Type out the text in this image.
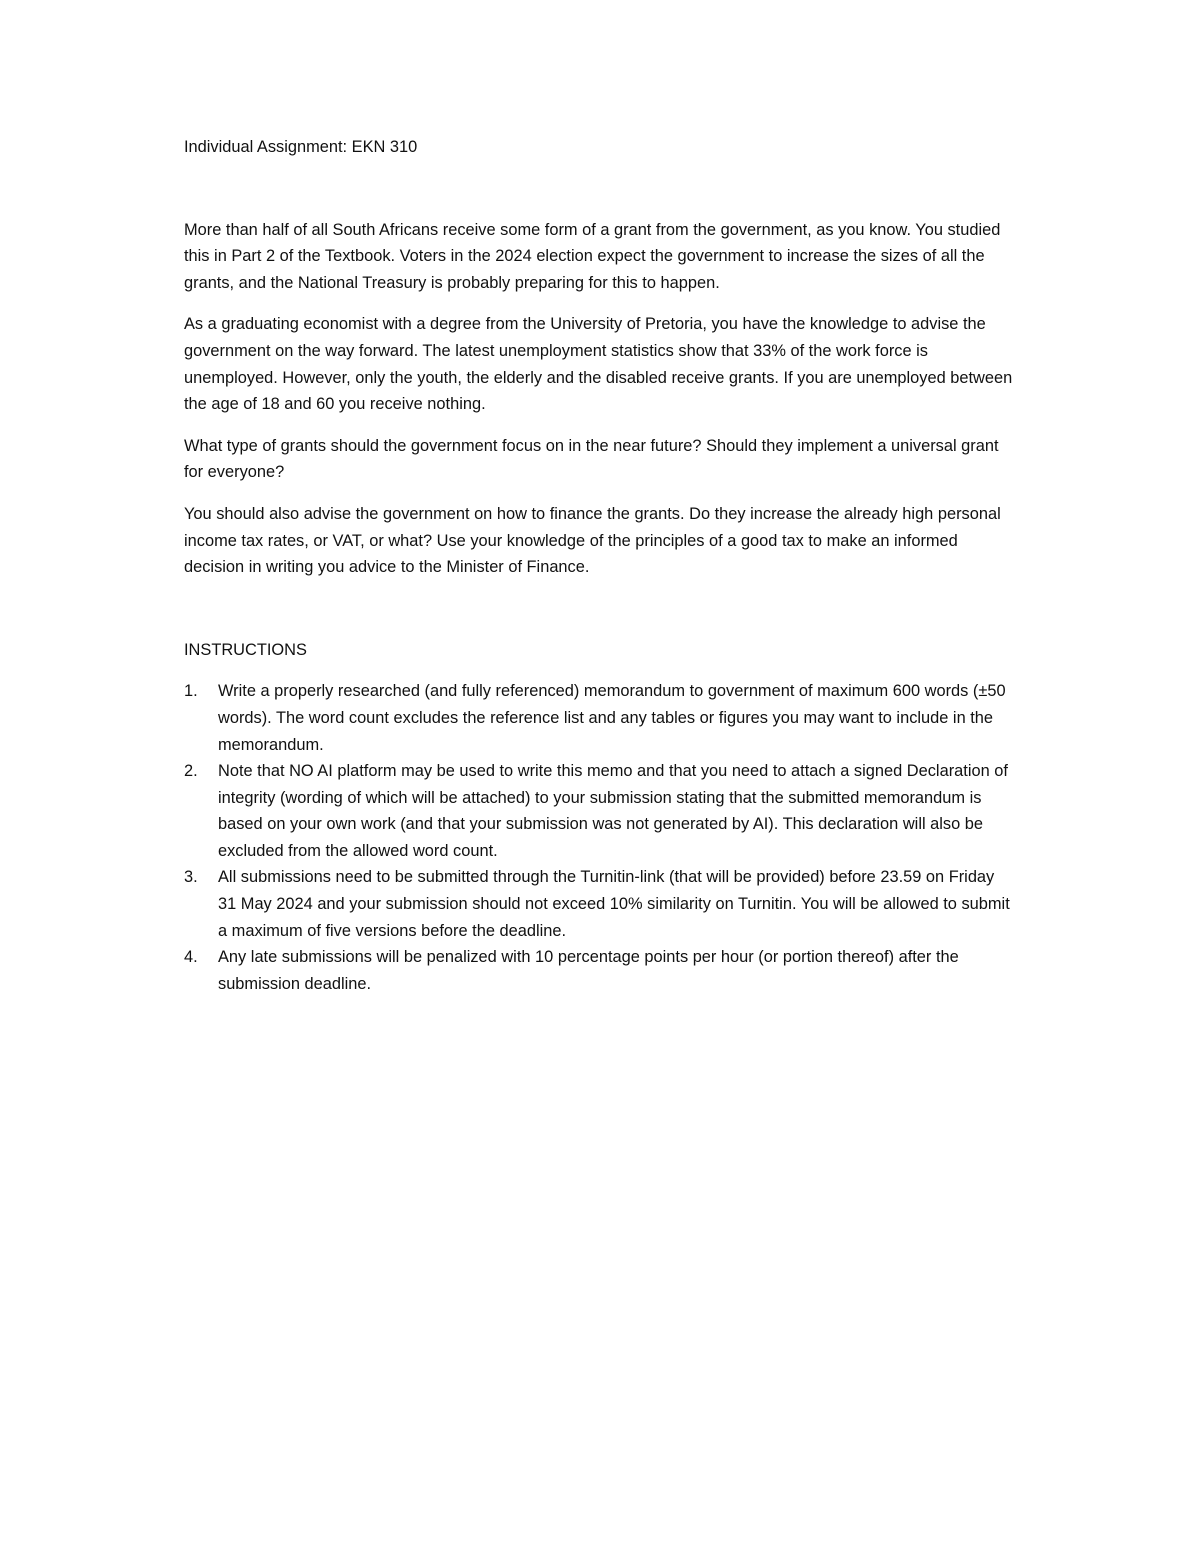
Individual Assignment: EKN 310

More than half of all South Africans receive some form of a grant from the government, as you know. You studied this in Part 2 of the Textbook. Voters in the 2024 election expect the government to increase the sizes of all the grants, and the National Treasury is probably preparing for this to happen.

As a graduating economist with a degree from the University of Pretoria, you have the knowledge to advise the government on the way forward. The latest unemployment statistics show that 33% of the work force is unemployed. However, only the youth, the elderly and the disabled receive grants. If you are unemployed between the age of 18 and 60 you receive nothing.

What type of grants should the government focus on in the near future? Should they implement a universal grant for everyone?

You should also advise the government on how to finance the grants. Do they increase the already high personal income tax rates, or VAT, or what? Use your knowledge of the principles of a good tax to make an informed decision in writing you advice to the Minister of Finance.

INSTRUCTIONS
1. Write a properly researched (and fully referenced) memorandum to government of maximum 600 words (±50 words). The word count excludes the reference list and any tables or figures you may want to include in the memorandum.
2. Note that NO AI platform may be used to write this memo and that you need to attach a signed Declaration of integrity (wording of which will be attached) to your submission stating that the submitted memorandum is based on your own work (and that your submission was not generated by AI). This declaration will also be excluded from the allowed word count.
3. All submissions need to be submitted through the Turnitin-link (that will be provided) before 23.59 on Friday 31 May 2024 and your submission should not exceed 10% similarity on Turnitin. You will be allowed to submit a maximum of five versions before the deadline.
4. Any late submissions will be penalized with 10 percentage points per hour (or portion thereof) after the submission deadline.
